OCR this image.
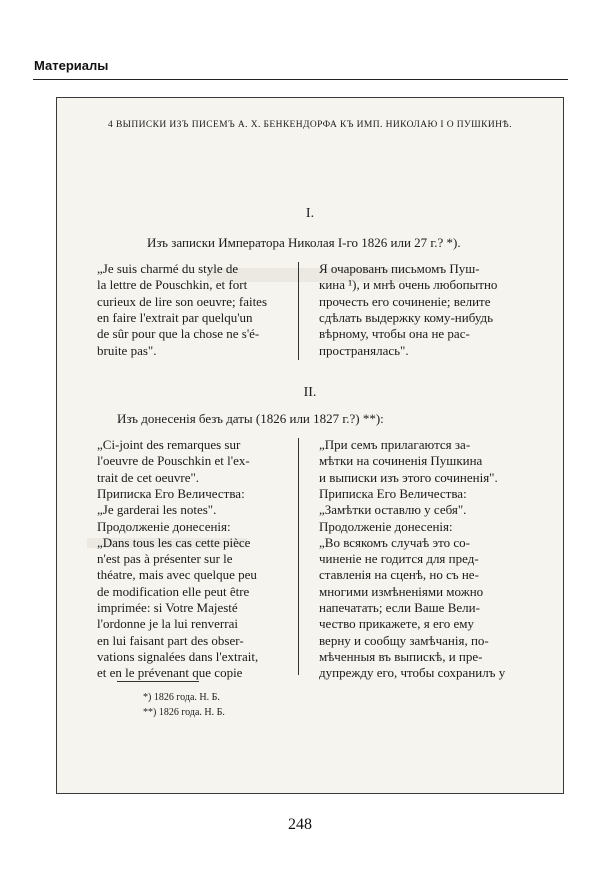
Материалы
4 ВЫПИСКИ ИЗЪ ПИСЕМЪ А. Х. БЕНКЕНДОРФА КЪ ИМП. НИКОЛАЮ I О ПУШКИНѢ.
I.
Изъ записки Императора Николая I-го 1826 или 27 г.? *).
„Je suis charmé du style de
la lettre de Pouschkin, et fort
curieux de lire son oeuvre; faites
en faire l'extrait par quelqu'un
de sûr pour que la chose ne s'é-
bruite pas".
Я очарованъ письмомъ Пуш-
кина ¹), и мнѣ очень любопытно
прочесть его сочиненіе; велите
сдѣлать выдержку кому-нибудь
вѣрному, чтобы она не рас-
пространялась".
II.
Изъ донесенія безъ даты (1826 или 1827 г.?) **):
„Ci-joint des remarques sur
l'oeuvre de Pouschkin et l'ex-
trait de cet oeuvre".
Приписка Его Величества:
„Je garderai les notes".
Продолженіе донесенія:
„Dans tous les cas cette pièce
n'est pas à présenter sur le
théatre, mais avec quelque peu
de modification elle peut être
imprimée: si Votre Majesté
l'ordonne je la lui renverrai
en lui faisant part des obser-
vations signalées dans l'extrait,
et en le prévenant que copie
„При семъ прилагаются за-
мѣтки на сочиненія Пушкина
и выписки изъ этого сочиненія".
Приписка Его Величества:
„Замѣтки оставлю у себя".
Продолженіе донесенія:
„Во всякомъ случаѣ это со-
чиненіе не годится для пред-
ставленія на сценѣ, но съ не-
многими измѣненіями можно
напечатать; если Ваше Вели-
чество прикажете, я его ему
верну и сообщу замѣчанія, по-
мѣченныя въ выпискѣ, и пре-
дупрежду его, чтобы сохранилъ у
*) 1826 года. Н. Б.
**) 1826 года. Н. Б.
248
